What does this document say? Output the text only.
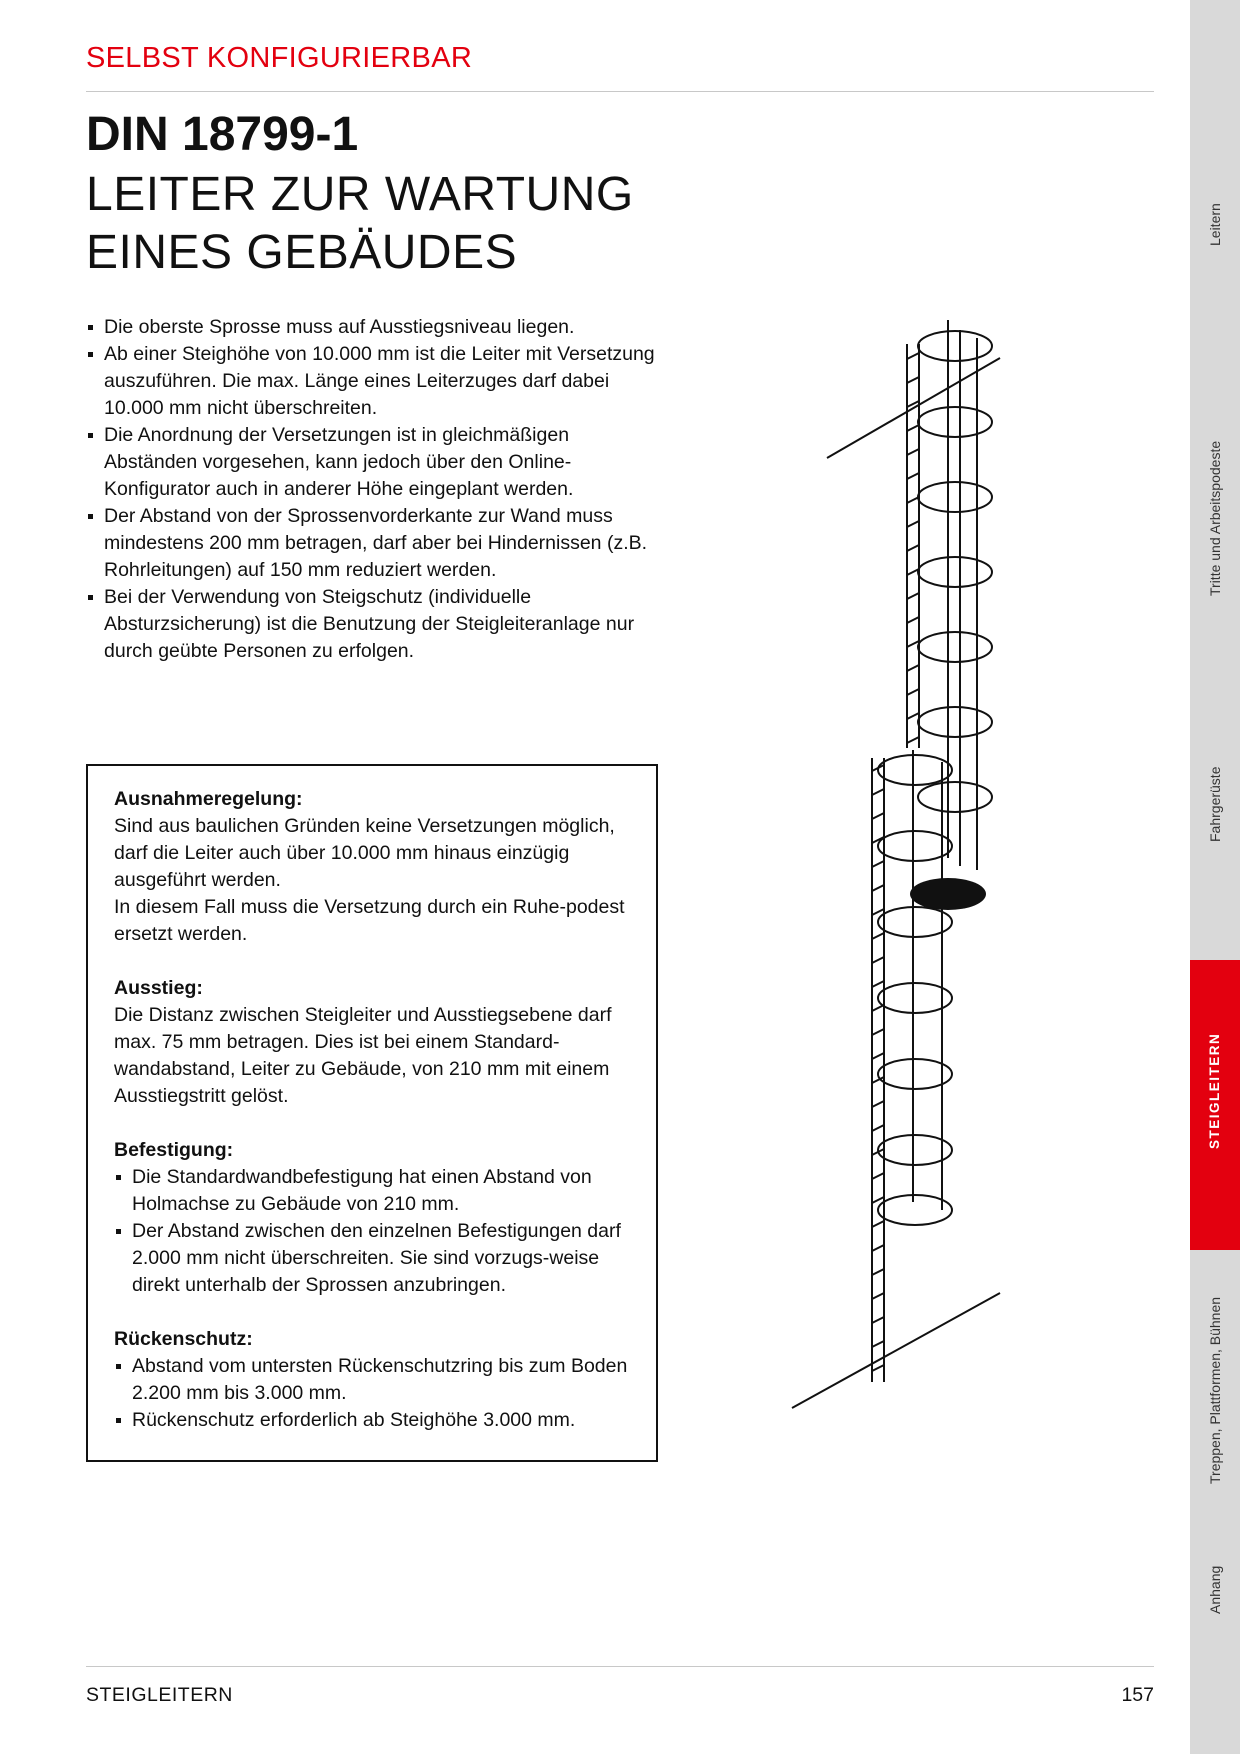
SELBST KONFIGURIERBAR
DIN 18799-1
LEITER ZUR WARTUNG
EINES GEBÄUDES
Die oberste Sprosse muss auf Ausstiegsniveau liegen.
Ab einer Steighöhe von 10.000 mm ist die Leiter mit Versetzung auszuführen. Die max. Länge eines Leiterzuges darf dabei 10.000 mm nicht überschreiten.
Die Anordnung der Versetzungen ist in gleichmäßigen Abständen vorgesehen, kann jedoch über den Online-Konfigurator auch in anderer Höhe eingeplant werden.
Der Abstand von der Sprossenvorderkante zur Wand muss mindestens 200 mm betragen, darf aber bei Hindernissen (z.B. Rohrleitungen) auf 150 mm reduziert werden.
Bei der Verwendung von Steigschutz (individuelle Absturzsicherung) ist die Benutzung der Steigleiteranlage nur durch geübte Personen zu erfolgen.
Ausnahmeregelung:

Sind aus baulichen Gründen keine Versetzungen möglich, darf die Leiter auch über 10.000 mm hinaus einzügig ausgeführt werden.

In diesem Fall muss die Versetzung durch ein Ruhe-podest ersetzt werden.

Ausstieg:

Die Distanz zwischen Steigleiter und Ausstiegsebene darf max. 75 mm betragen. Dies ist bei einem Standard-wandabstand, Leiter zu Gebäude, von 210 mm mit einem Ausstiegstritt gelöst.

Befestigung:
Die Standardwandbefestigung hat einen Abstand von Holmachse zu Gebäude von 210 mm.
Der Abstand zwischen den einzelnen Befestigungen darf 2.000 mm nicht überschreiten. Sie sind vorzugs-weise direkt unterhalb der Sprossen anzubringen.
Rückenschutz:
Abstand vom untersten Rückenschutzring bis zum Boden 2.200 mm bis 3.000 mm.
Rückenschutz erforderlich ab Steighöhe 3.000 mm.
STEIGLEITERN	157
Leitern
Tritte und Arbeitspodeste
Fahrgerüste
STEIGLEITERN
Treppen, Plattformen, Bühnen
Anhang
